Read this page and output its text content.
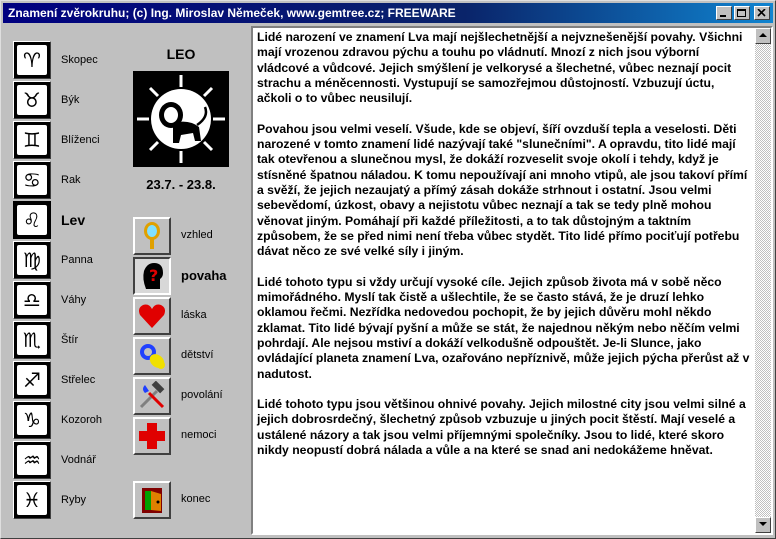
Znamení zvěrokruhu; (c) Ing. Miroslav Němeček, www.gemtree.cz; FREEWARE
♈	Skopec
♉	Býk
♊	Blíženci
♋	Rak
♌	Lev
♍	Panna
♎	Váhy
♏	Štír
♐	Střelec
♑	Kozoroh
♒	Vodnář
♓	Ryby
LEO
23.7. - 23.8.
vzhled
? povaha
láska
dětství
povolání
nemoci
konec

Lidé narození ve znamení Lva mají nejšlechetnější a nejvznešenější povahy. Všichni mají vrozenou zdravou pýchu a touhu po vládnutí. Mnozí z nich jsou výborní vládcové a vůdcové. Jejich smýšlení je velkorysé a šlechetné, vůbec neznají pocit strachu a méněcennosti. Vystupují se samozřejmou důstojností. Vzbuzují úctu, ačkoli o to vůbec neusilují.

Povahou jsou velmi veselí. Všude, kde se objeví, šíří ovzduší tepla a veselosti. Děti narozené v tomto znamení lidé nazývají také "slunečními". A opravdu, tito lidé mají tak otevřenou a slunečnou mysl, že dokáží rozveselit svoje okolí i tehdy, když je stísněné špatnou náladou. K tomu nepoužívají ani mnoho vtipů, ale jsou takoví přímí a svěží, že jejich nezaujatý a přímý zásah dokáže strhnout i ostatní. Jsou velmi sebevědomí, úzkost, obavy a nejistotu vůbec neznají a tak se tedy plně mohou věnovat jiným. Pomáhají při každé příležitosti, a to tak důstojným a taktním způsobem, že se před nimi není třeba vůbec stydět. Tito lidé přímo pociťují potřebu dávat něco ze své velké síly i jiným.

Lidé tohoto typu si vždy určují vysoké cíle. Jejich způsob života má v sobě něco mimořádného. Myslí tak čistě a ušlechtile, že se často stává, že je druzí lehko oklamou řečmi. Nezřídka nedovedou pochopit, že by jejich důvěru mohl někdo zklamat. Tito lidé bývají pyšní a může se stát, že najednou někým nebo něčím velmi pohrdají. Ale nejsou mstiví a dokáží velkodušně odpouštět. Je-li Slunce, jako ovládající planeta znamení Lva, ozařováno nepříznivě, může jejich pýcha přerůst až v nadutost.

Lidé tohoto typu jsou většinou ohnivé povahy. Jejich milostné city jsou velmi silné a jejich dobrosrdečný, šlechetný způsob vzbuzuje u jiných pocit štěstí. Mají veselé a ustálené názory a tak jsou velmi příjemnými společníky. Jsou to lidé, které skoro nikdy neopustí dobrá nálada a vůle a na které se snad ani nedokážeme hněvat.
